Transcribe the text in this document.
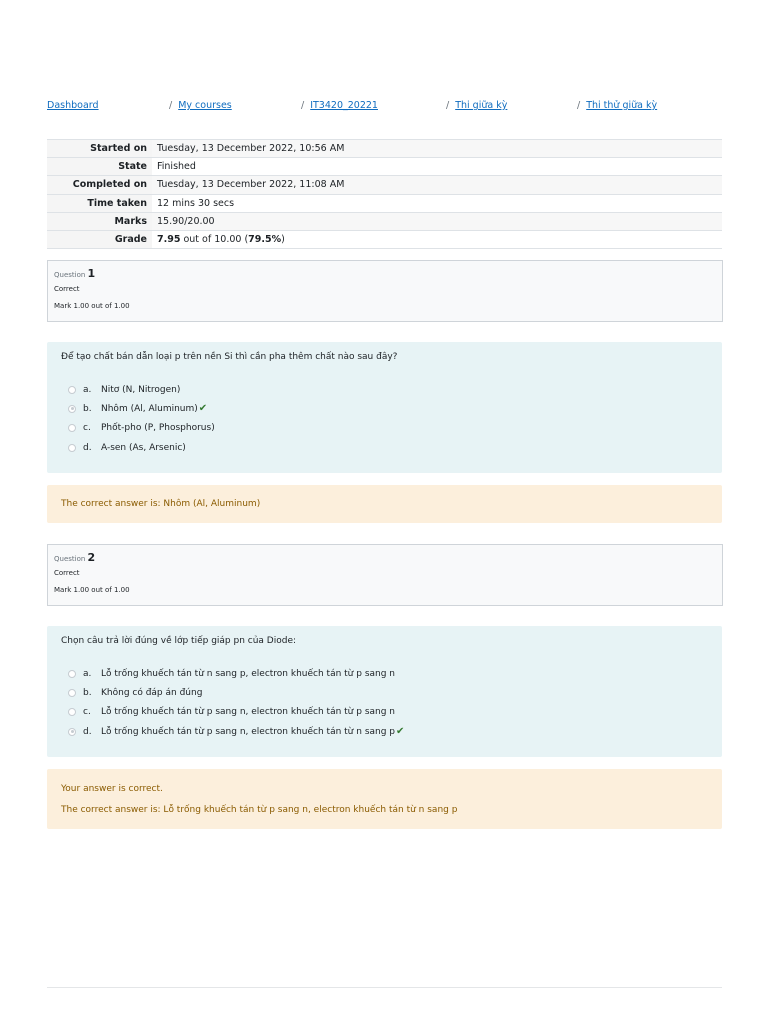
Dashboard	/ My courses	/ IT3420_20221	/ Thi giữa kỳ	/ Thi thử giữa kỳ
Started on	Tuesday, 13 December 2022, 10:56 AM
State	Finished
Completed on	Tuesday, 13 December 2022, 11:08 AM
Time taken	12 mins 30 secs
Marks	15.90/20.00
Grade	7.95 out of 10.00 (79.5%)
Question 1
Correct
Mark 1.00 out of 1.00
Để tạo chất bán dẫn loại p trên nền Si thì cần pha thêm chất nào sau đây?
a.	Nitơ (N, Nitrogen)
b.	Nhôm (Al, Aluminum) ✔
c.	Phốt-pho (P, Phosphorus)
d.	A-sen (As, Arsenic)

The correct answer is: Nhôm (Al, Aluminum)

Question 2
Correct
Mark 1.00 out of 1.00
Chọn câu trả lời đúng về lớp tiếp giáp pn của Diode:
a.	Lỗ trống khuếch tán từ n sang p, electron khuếch tán từ p sang n
b.	Không có đáp án đúng
c.	Lỗ trống khuếch tán từ p sang n, electron khuếch tán từ p sang n
d.	Lỗ trống khuếch tán từ p sang n, electron khuếch tán từ n sang p ✔

Your answer is correct.

The correct answer is: Lỗ trống khuếch tán từ p sang n, electron khuếch tán từ n sang p
